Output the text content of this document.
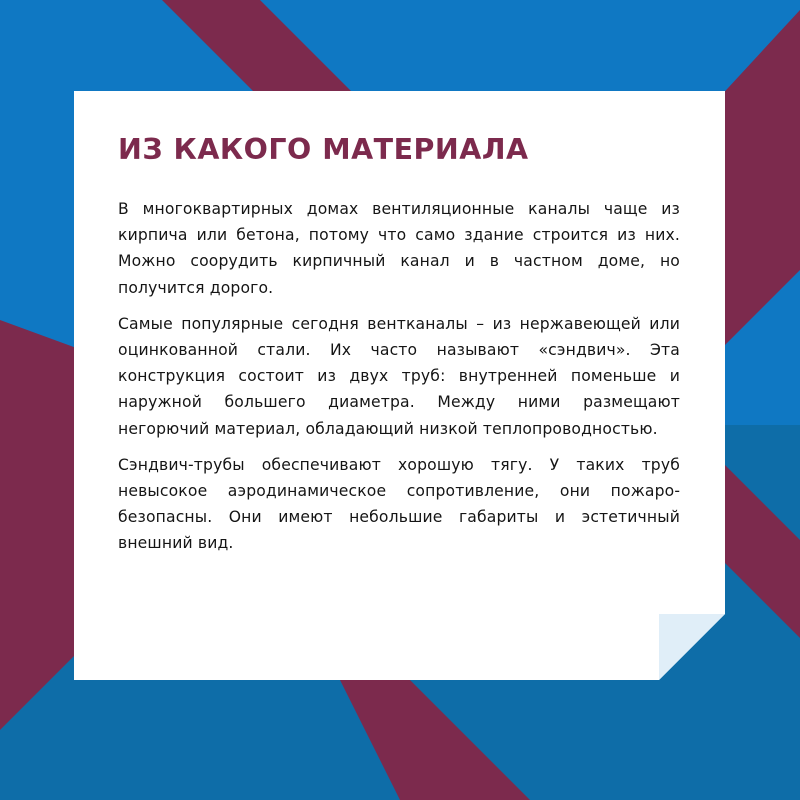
ИЗ КАКОГО МАТЕРИАЛА

В многоквартирных домах вентиляционные каналы чаще из кирпича или бетона, потому что само здание строится из них. Можно соорудить кирпичный канал и в частном доме, но получится дорого.

Самые популярные сегодня вентканалы – из нержавеющей или оцинкованной стали. Их часто называют «сэндвич». Эта конструкция состоит из двух труб: внутренней поменьше и наружной большего диаметра. Между ними размещают негорючий материал, обладающий низкой теплопроводностью.

Сэндвич-трубы обеспечивают хорошую тягу. У таких труб невысокое аэродинамическое сопротивление, они пожаробезопасны. Они имеют небольшие габариты и эстетичный внешний вид.
